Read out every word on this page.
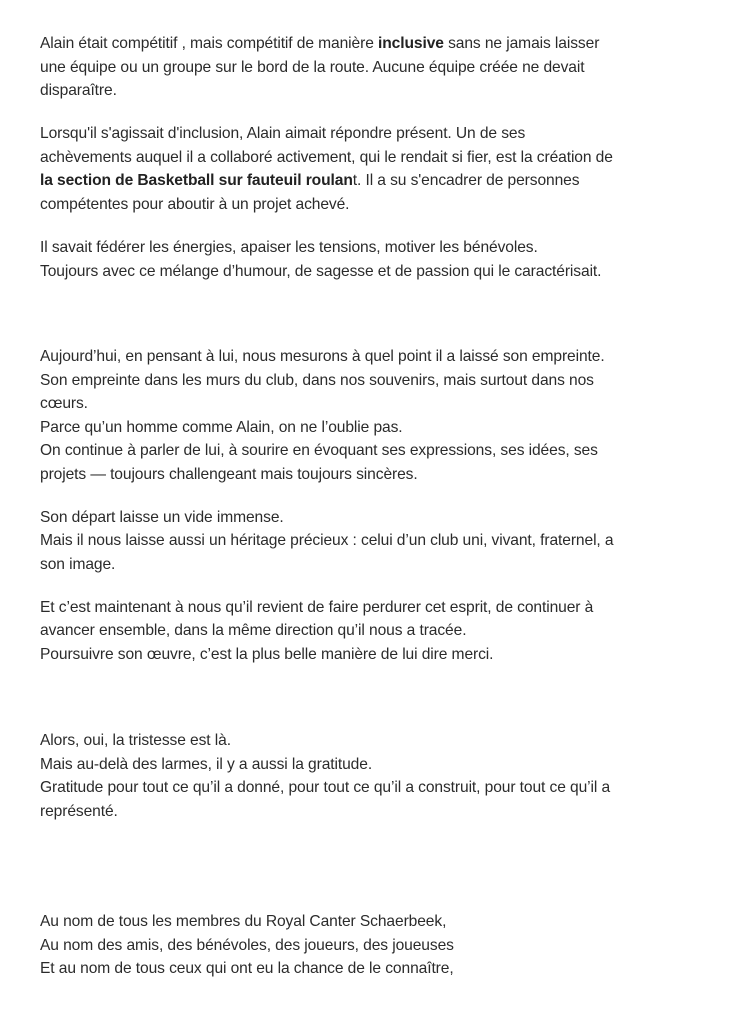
Alain était compétitif , mais compétitif de manière inclusive sans ne jamais laisser
une équipe ou un groupe sur le bord de la route. Aucune équipe créée ne devait
disparaître.
Lorsqu'il s'agissait d'inclusion, Alain aimait répondre présent. Un de ses
achèvements auquel il a collaboré activement, qui le rendait si fier, est la création de
la section de Basketball sur fauteuil roulant. Il a su s'encadrer de personnes
compétentes pour aboutir à un projet achevé.
Il savait fédérer les énergies, apaiser les tensions, motiver les bénévoles.
Toujours avec ce mélange d’humour, de sagesse et de passion qui le caractérisait.
Aujourd’hui, en pensant à lui, nous mesurons à quel point il a laissé son empreinte.
Son empreinte dans les murs du club, dans nos souvenirs, mais surtout dans nos
cœurs.
Parce qu’un homme comme Alain, on ne l’oublie pas.
On continue à parler de lui, à sourire en évoquant ses expressions, ses idées, ses
projets — toujours challengeant mais toujours sincères.
Son départ laisse un vide immense.
Mais il nous laisse aussi un héritage précieux : celui d’un club uni, vivant, fraternel, a
son image.
Et c’est maintenant à nous qu’il revient de faire perdurer cet esprit, de continuer à
avancer ensemble, dans la même direction qu’il nous a tracée.
Poursuivre son œuvre, c’est la plus belle manière de lui dire merci.
Alors, oui, la tristesse est là.
Mais au-delà des larmes, il y a aussi la gratitude.
Gratitude pour tout ce qu’il a donné, pour tout ce qu’il a construit, pour tout ce qu’il a
représenté.
Au nom de tous les membres du Royal Canter Schaerbeek,
Au nom des amis, des bénévoles, des joueurs, des joueuses
Et au nom de tous ceux qui ont eu la chance de le connaître,
